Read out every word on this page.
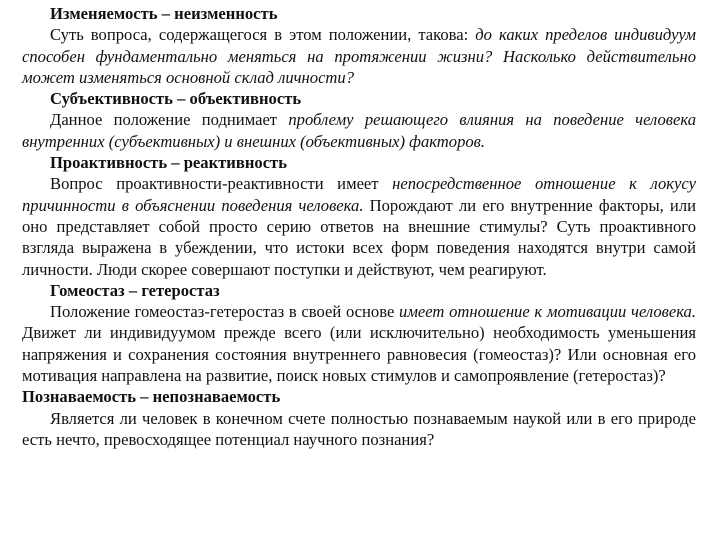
Изменяемость – неизменность

Суть вопроса, содержащегося в этом положении, такова: до каких пределов индивидуум способен фундаментально меняться на протяжении жизни? Насколько действительно может изменяться основной склад личности?

Субъективность – объективность

Данное положение поднимает проблему решающего влияния на поведение человека внутренних (субъективных) и внешних (объективных) факторов.

Проактивность – реактивность

Вопрос проактивности-реактивности имеет непосредственное отношение к локусу причинности в объяснении поведения человека. Порождают ли его внутренние факторы, или оно представляет собой просто серию ответов на внешние стимулы? Суть проактивного взгляда выражена в убеждении, что истоки всех форм поведения находятся внутри самой личности. Люди скорее совершают поступки и действуют, чем реагируют.

Гомеостаз – гетеростаз

Положение гомеостаз-гетеростаз в своей основе имеет отношение к мотивации человека. Движет ли индивидуумом прежде всего (или исключительно) необходимость уменьшения напряжения и сохранения состояния внутреннего равновесия (гомеостаз)? Или основная его мотивация направлена на развитие, поиск новых стимулов и самопроявление (гетеростаз)?

Познаваемость – непознаваемость

Является ли человек в конечном счете полностью познаваемым наукой или в его природе есть нечто, превосходящее потенциал научного познания?
